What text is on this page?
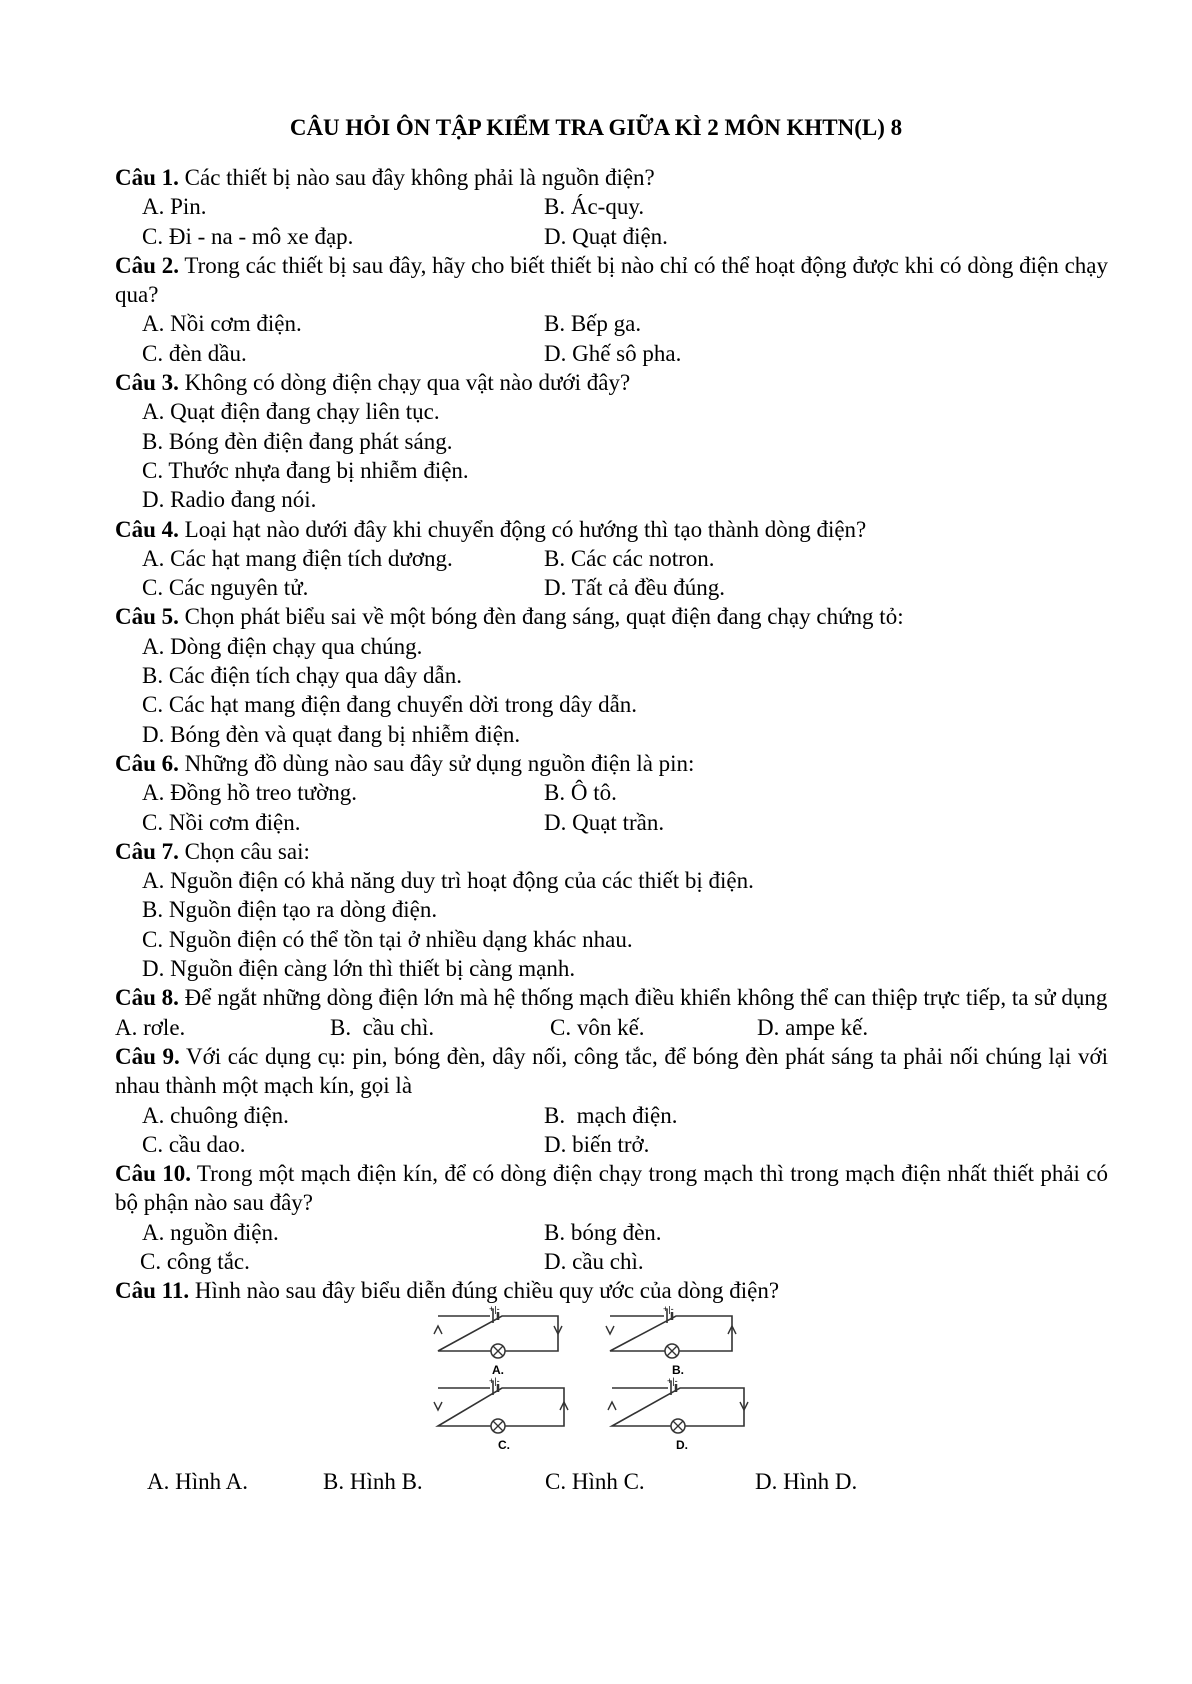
CÂU HỎI ÔN TẬP KIỂM TRA GIỮA KÌ 2 MÔN KHTN(L) 8

Câu 1. Các thiết bị nào sau đây không phải là nguồn điện?

A. Pin.	B. Ác-quy.
C. Đi - na - mô xe đạp.	D. Quạt điện.

Câu 2. Trong các thiết bị sau đây, hãy cho biết thiết bị nào chỉ có thể hoạt động được khi có dòng điện chạy qua?

A. Nồi cơm điện.	B. Bếp ga.
C. đèn dầu.	D. Ghế sô pha.

Câu 3. Không có dòng điện chạy qua vật nào dưới đây?

A. Quạt điện đang chạy liên tục.
B. Bóng đèn điện đang phát sáng.
C. Thước nhựa đang bị nhiễm điện.
D. Radio đang nói.

Câu 4. Loại hạt nào dưới đây khi chuyển động có hướng thì tạo thành dòng điện?

A. Các hạt mang điện tích dương.	B. Các các notron.
C. Các nguyên tử.	D. Tất cả đều đúng.

Câu 5. Chọn phát biểu sai về một bóng đèn đang sáng, quạt điện đang chạy chứng tỏ:

A. Dòng điện chạy qua chúng.
B. Các điện tích chạy qua dây dẫn.
C. Các hạt mang điện đang chuyển dời trong dây dẫn.
D. Bóng đèn và quạt đang bị nhiễm điện.

Câu 6. Những đồ dùng nào sau đây sử dụng nguồn điện là pin:

A. Đồng hồ treo tường.	B. Ô tô.
C. Nồi cơm điện.	D. Quạt trần.

Câu 7. Chọn câu sai:

A. Nguồn điện có khả năng duy trì hoạt động của các thiết bị điện.
B. Nguồn điện tạo ra dòng điện.
C. Nguồn điện có thể tồn tại ở nhiều dạng khác nhau.
D. Nguồn điện càng lớn thì thiết bị càng mạnh.

Câu 8. Để ngắt những dòng điện lớn mà hệ thống mạch điều khiển không thể can thiệp trực tiếp, ta sử dụng

A. rơle.	B.  cầu chì.	C. vôn kế.	D. ampe kế.

Câu 9. Với các dụng cụ: pin, bóng đèn, dây nối, công tắc, để bóng đèn phát sáng ta phải nối chúng lại với nhau thành một mạch kín, gọi là

A. chuông điện.	B.  mạch điện.
C. cầu dao.	D. biến trở.

Câu 10. Trong một mạch điện kín, để có dòng điện chạy trong mạch thì trong mạch điện nhất thiết phải có bộ phận nào sau đây?

A. nguồn điện.	B. bóng đèn.
C. công tắc.	D. cầu chì.

Câu 11. Hình nào sau đây biểu diễn đúng chiều quy ước của dòng điện?

A.
+|-
B.
+|-
C.
+|-
D.
+|-
A. Hình A.	B. Hình B.	C. Hình C.	D. Hình D.
